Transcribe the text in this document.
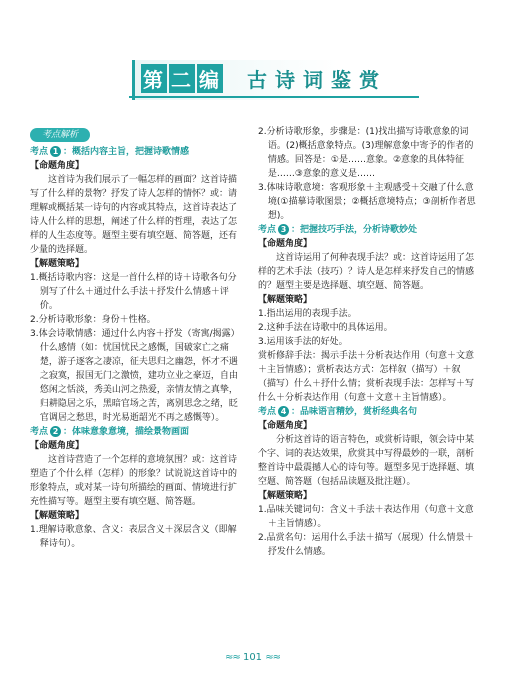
第 二 编 古 诗 词 鉴 赏
考点解析

考点 1 ：概括内容主旨，把握诗歌情感

【命题角度】

这首诗为我们展示了一幅怎样的画面？这首诗描写了什么样的景物？抒发了诗人怎样的情怀？或：请理解或概括某一诗句的内容或其特点，这首诗表达了诗人什么样的思想，阐述了什么样的哲理，表达了怎样的人生态度等。题型主要有填空题、简答题，还有少量的选择题。

【解题策略】

1.概括诗歌内容：这是一首什么样的诗＋诗歌各句分别写了什么＋通过什么手法＋抒发什么情感＋评价。

2.分析诗歌形象：身份＋性格。

3.体会诗歌情感：通过什么内容＋抒发（寄寓/揭露）什么感情（如：忧国忧民之感慨，国破家亡之痛楚，游子逐客之凄凉，征夫思归之幽怨，怀才不遇之寂寞，报国无门之激愤，建功立业之豪迈，自由悠闲之恬淡，秀美山河之热爱，亲情友情之真挚，归耕隐居之乐，黑暗官场之苦，离别思念之绪，眨官调居之愁思，时光易逝韶光不再之感慨等）。

考点 2 ：体味意象意境，描绘景物画面

【命题角度】

这首诗营造了一个怎样的意境氛围？或：这首诗塑造了个什么样（怎样）的形象？试说说这首诗中的形象特点，或对某一诗句所描绘的画面、情境进行扩充性描写等。题型主要有填空题、简答题。

【解题策略】

1.理解诗歌意象、含义：表层含义＋深层含义（即解释诗句）。

2.分析诗歌形象，步骤是：(1)找出描写诗歌意象的词语。(2)概括意象特点。(3)理解意象中寄予的作者的情感。回答是：①是……意象。②意象的具体特征是……③意象的意义是……

3.体味诗歌意境：客观形象＋主观感受＋交融了什么意境(①描摹诗歌图景；②概括意境特点；③剖析作者思想)。

考点 3 ：把握技巧手法，分析诗歌妙处

【命题角度】

这首诗运用了何种表现手法？或：这首诗运用了怎样的艺术手法（技巧）？诗人是怎样来抒发自己的情感的？题型主要是选择题、填空题、简答题。

【解题策略】

1.指出运用的表现手法。

2.这种手法在诗歌中的具体运用。

3.运用该手法的好处。

赏析修辞手法：揭示手法＋分析表达作用（句意＋文意＋主旨情感）；赏析表达方式：怎样叙（描写）＋叙（描写）什么＋抒什么情；赏析表现手法：怎样写＋写什么＋分析表达作用（句意＋文意＋主旨情感）。

考点 4 ：品味语言精妙，赏析经典名句

【命题角度】

分析这首诗的语言特色，或赏析诗眼，领会诗中某个字、词的表达效果，欣赏其中写得最妙的一联，剖析整首诗中最震撼人心的诗句等。题型多见于选择题、填空题、简答题（包括品读题及批注题）。

【解题策略】

1.品味关键词句：含义＋手法＋表达作用（句意＋文意＋主旨情感）。

2.品赏名句：运用什么手法＋描写（展现）什么情景＋抒发什么情感。

≈≈ 101 ≈≈
